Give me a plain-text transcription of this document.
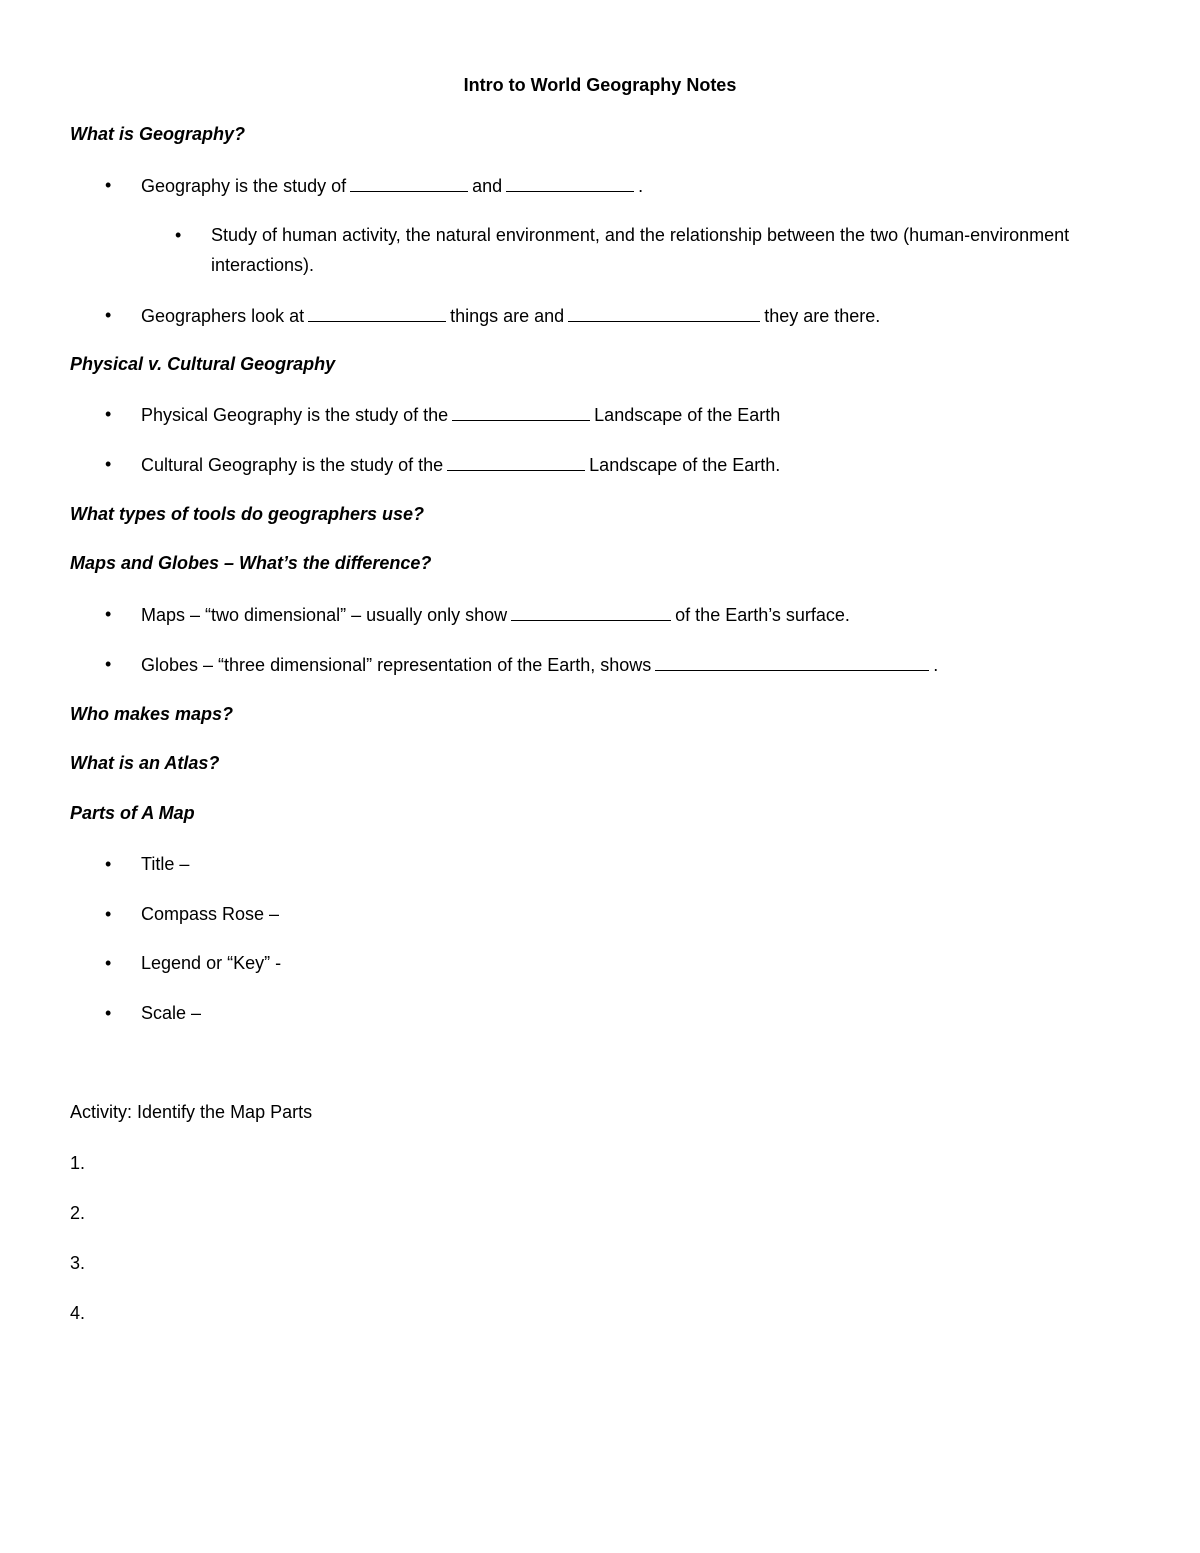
Intro to World Geography Notes
What is Geography?
• Geography is the study of	and	.
• Study of human activity, the natural environment, and the relationship between the two (human-environment interactions).
• Geographers look at	things are and	they are there.
Physical v. Cultural Geography
• Physical Geography is the study of the	Landscape of the Earth
• Cultural Geography is the study of the	Landscape of the Earth.
What types of tools do geographers use?
Maps and Globes – What’s the difference?
• Maps – “two dimensional” – usually only show	of the Earth’s surface.
• Globes – “three dimensional” representation of the Earth, shows	.
Who makes maps?
What is an Atlas?
Parts of A Map
• Title –
• Compass Rose –
• Legend or “Key” -
• Scale –
Activity: Identify the Map Parts
1.
2.
3.
4.
